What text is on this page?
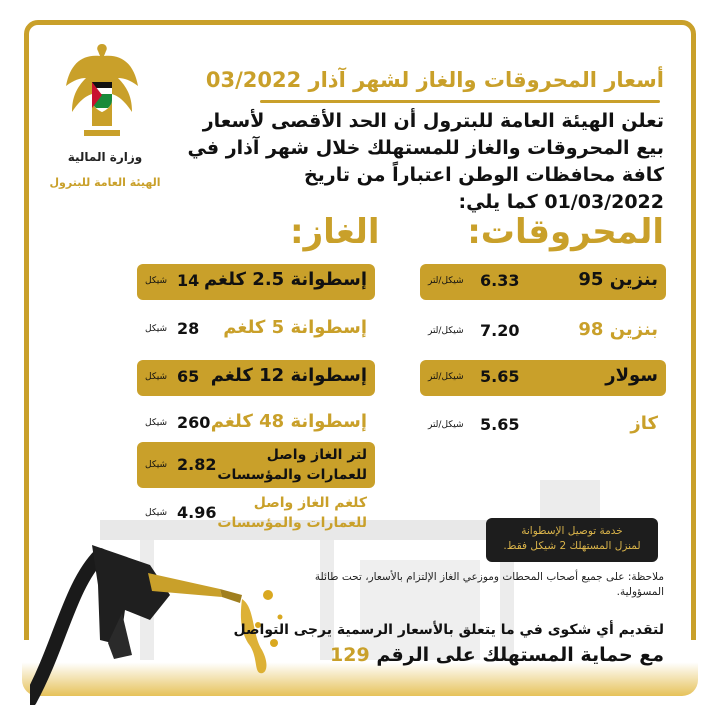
وزارة المالية
الهيئة العامة للبترول
أسعار المحروقات والغاز لشهر آذار 03/2022
تعلن الهيئة العامة للبترول أن الحد الأقصى لأسعار بيع المحروقات والغاز للمستهلك خلال شهر آذار في كافة محافظات الوطن اعتباراً من تاريخ 01/03/2022 كما يلي:
المحروقات:
الغاز:
بنزين 95
6.33
شيكل/لتر
بنزين 98
7.20
شيكل/لتر
سولار
5.65
شيكل/لتر
كاز
5.65
شيكل/لتر
إسطوانة 2.5 كلغم
14
شيكل
إسطوانة 5 كلغم
28
شيكل
إسطوانة 12 كلغم
65
شيكل
إسطوانة 48 كلغم
260
شيكل
لتر الغاز واصل للعمارات والمؤسسات
2.82
شيكل
كلغم الغاز واصل للعمارات والمؤسسات
4.96
شيكل
خدمة توصيل الإسطوانة
لمنزل المستهلك 2 شيكل فقط.
ملاحظة: على جميع أصحاب المحطات وموزعي الغاز الإلتزام بالأسعار، تحت طائلة المسؤولية.
لتقديم أي شكوى في ما يتعلق بالأسعار الرسمية يرجى التواصل
مع حماية المستهلك على الرقم 129
